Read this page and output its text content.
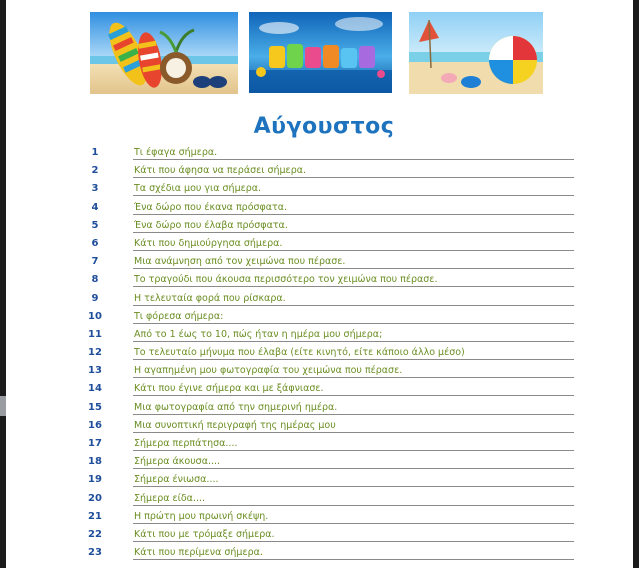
Αύγουστος
1	Τι έφαγα σήμερα.
2	Κάτι που άφησα να περάσει σήμερα.
3	Τα σχέδια μου για σήμερα.
4	Ένα δώρο που έκανα πρόσφατα.
5	Ένα δώρο που έλαβα πρόσφατα.
6	Κάτι που δημιούργησα σήμερα.
7	Μια ανάμνηση από τον χειμώνα που πέρασε.
8	Το τραγούδι που άκουσα περισσότερο τον χειμώνα που πέρασε.
9	Η τελευταία φορά που ρίσκαρα.
10	Τι φόρεσα σήμερα:
11	Από το 1 έως το 10, πώς ήταν η ημέρα μου σήμερα;
12	Το τελευταίο μήνυμα που έλαβα (είτε κινητό, είτε κάποιο άλλο μέσο)
13	Η αγαπημένη μου φωτογραφία του χειμώνα που πέρασε.
14	Κάτι που έγινε σήμερα και με ξάφνιασε.
15	Μια φωτογραφία από την σημερινή ημέρα.
16	Μια συνοπτική περιγραφή της ημέρας μου
17	Σήμερα περπάτησα....
18	Σήμερα άκουσα....
19	Σήμερα ένιωσα....
20	Σήμερα είδα....
21	Η πρώτη μου πρωινή σκέψη.
22	Κάτι που με τρόμαξε σήμερα.
23	Κάτι που περίμενα σήμερα.
